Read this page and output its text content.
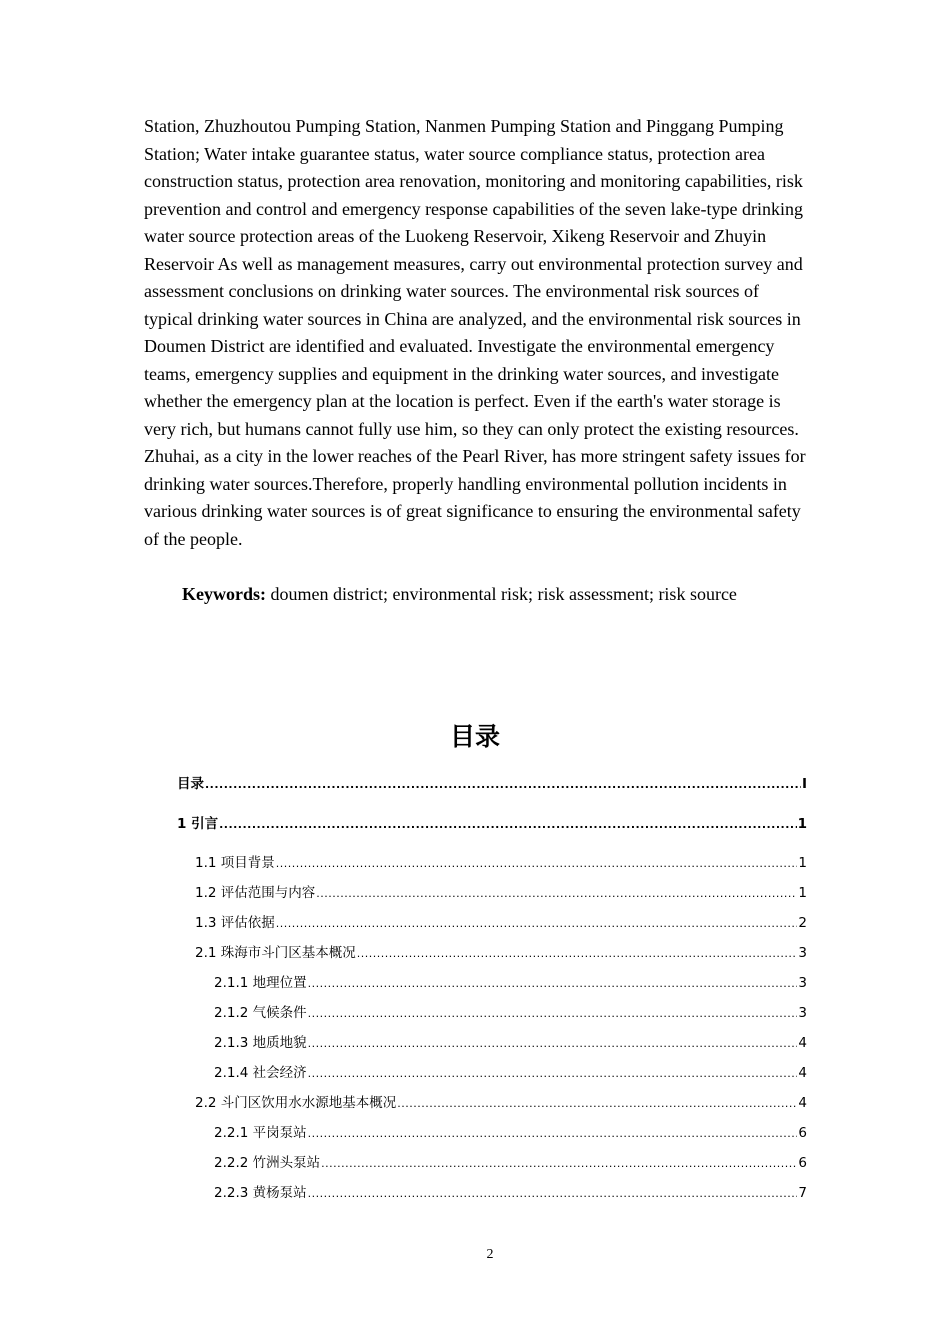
Station, Zhuzhoutou Pumping Station, Nanmen Pumping Station and Pinggang Pumping Station; Water intake guarantee status, water source compliance status, protection area construction status, protection area renovation, monitoring and monitoring capabilities, risk prevention and control and emergency response capabilities of the seven lake-type drinking water source protection areas of the Luokeng Reservoir, Xikeng Reservoir and Zhuyin Reservoir As well as management measures, carry out environmental protection survey and assessment conclusions on drinking water sources. The environmental risk sources of typical drinking water sources in China are analyzed, and the environmental risk sources in Doumen District are identified and evaluated. Investigate the environmental emergency teams, emergency supplies and equipment in the drinking water sources, and investigate whether the emergency plan at the location is perfect. Even if the earth's water storage is very rich, but humans cannot fully use him, so they can only protect the existing resources. Zhuhai, as a city in the lower reaches of the Pearl River, has more stringent safety issues for drinking water sources.Therefore, properly handling environmental pollution incidents in various drinking water sources is of great significance to ensuring the environmental safety of the people.

Keywords: doumen district; environmental risk; risk assessment; risk source
目录
目录 .....	I
1 引言 .....	1
1.1 项目背景 .....	1
1.2 评估范围与内容 .....	1
1.3 评估依据 .....	2
2.1 珠海市斗门区基本概况 .....	3
2.1.1 地理位置 .....	3
2.1.2 气候条件 .....	3
2.1.3 地质地貌 .....	4
2.1.4 社会经济 .....	4
2.2 斗门区饮用水水源地基本概况 .....	4
2.2.1 平岗泵站 .....	6
2.2.2 竹洲头泵站 .....	6
2.2.3 黄杨泵站 .....	7
2
